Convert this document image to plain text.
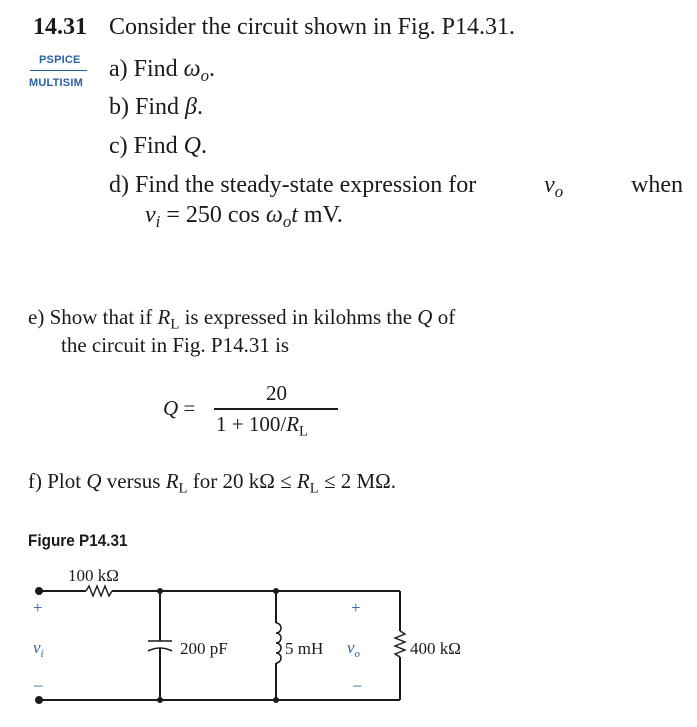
14.31 Consider the circuit shown in Fig. P14.31.
PSPICE
MULTISIM
a) Find $\omega_o$.
b) Find β.
c) Find Q.
d) Find the steady-state expression for	$v_o$	when
$v_i = 250$ $\cos \omega_ot$ mV.
e) Show that if $R_L$ is expressed in kilohms the Q of
the circuit in Fig. P14.31 is
Q =
20
$1 + 100/R_L$
f) Plot Q versus $R_L$ for 20 $k\Omega \le R_L \le 2$ MΩ.
Figure P14.31
100 kΩ
200 pF	5 mH	400 kΩ
+
$v_i$
–
+
$v_o$
–
